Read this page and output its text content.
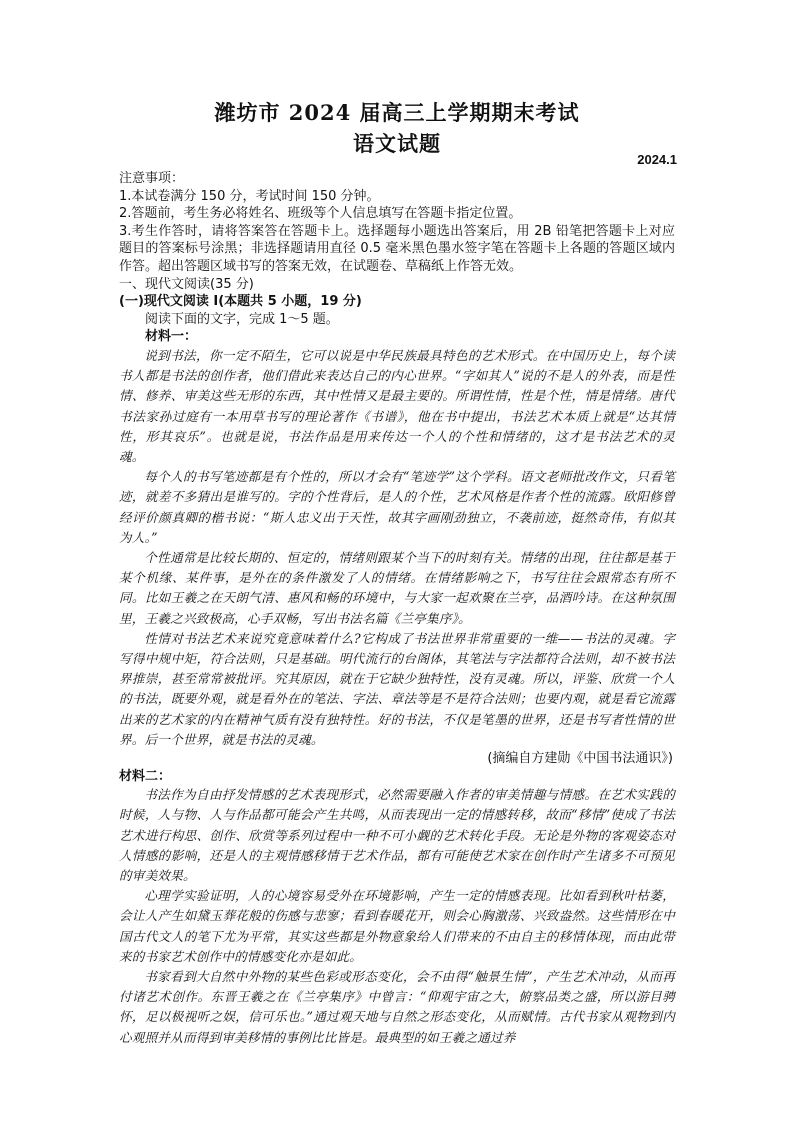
潍坊市 2024 届高三上学期期末考试
语文试题
2024.1

注意事项：

1.本试卷满分 150 分，考试时间 150 分钟。

2.答题前，考生务必将姓名、班级等个人信息填写在答题卡指定位置。

3.考生作答时，请将答案答在答题卡上。选择题每小题选出答案后，用 2B 铅笔把答题卡上对应题目的答案标号涂黑；非选择题请用直径 0.5 毫米黑色墨水签字笔在答题卡上各题的答题区域内作答。超出答题区域书写的答案无效，在试题卷、草稿纸上作答无效。

一、现代文阅读(35 分)

(一)现代文阅读 I(本题共 5 小题，19 分)

阅读下面的文字，完成 1～5 题。

材料一：

说到书法，你一定不陌生，它可以说是中华民族最具特色的艺术形式。在中国历史上，每个读书人都是书法的创作者，他们借此来表达自己的内心世界。“字如其人”说的不是人的外表，而是性情、修养、审美这些无形的东西，其中性情又是最主要的。所谓性情，性是个性，情是情绪。唐代书法家孙过庭有一本用草书写的理论著作《书谱》，他在书中提出，书法艺术本质上就是“达其情性，形其哀乐”。也就是说，书法作品是用来传达一个人的个性和情绪的，这才是书法艺术的灵魂。

每个人的书写笔迹都是有个性的，所以才会有“笔迹学”这个学科。语文老师批改作文，只看笔迹，就差不多猜出是谁写的。字的个性背后，是人的个性，艺术风格是作者个性的流露。欧阳修曾经评价颜真卿的楷书说：“斯人忠义出于天性，故其字画刚劲独立，不袭前迹，挺然奇伟，有似其为人。”

个性通常是比较长期的、恒定的，情绪则跟某个当下的时刻有关。情绪的出现，往往都是基于某个机缘、某件事，是外在的条件激发了人的情绪。在情绪影响之下，书写往往会跟常态有所不同。比如王羲之在天朗气清、惠风和畅的环境中，与大家一起欢聚在兰亭，品酒吟诗。在这种氛围里，王羲之兴致极高，心手双畅，写出书法名篇《兰亭集序》。

性情对书法艺术来说究竟意味着什么?它构成了书法世界非常重要的一维——书法的灵魂。字写得中规中矩，符合法则，只是基础。明代流行的台阁体，其笔法与字法都符合法则，却不被书法界推崇，甚至常常被批评。究其原因，就在于它缺少独特性，没有灵魂。所以，评鉴、欣赏一个人的书法，既要外观，就是看外在的笔法、字法、章法等是不是符合法则；也要内观，就是看它流露出来的艺术家的内在精神气质有没有独特性。好的书法，不仅是笔墨的世界，还是书写者性情的世界。后一个世界，就是书法的灵魂。

(摘编自方建勋《中国书法通识》)

材料二：

书法作为自由抒发情感的艺术表现形式，必然需要融入作者的审美情趣与情感。在艺术实践的时候，人与物、人与作品都可能会产生共鸣，从而表现出一定的情感转移，故而“移情”使成了书法艺术进行构思、创作、欣赏等系列过程中一种不可小觑的艺术转化手段。无论是外物的客观姿态对人情感的影响，还是人的主观情感移情于艺术作品，都有可能使艺术家在创作时产生诸多不可预见的审美效果。

心理学实验证明，人的心境容易受外在环境影响，产生一定的情感表现。比如看到秋叶枯萎，会让人产生如黛玉葬花般的伤感与悲寥；看到春暖花开，则会心胸激荡、兴致盎然。这些情形在中国古代文人的笔下尤为平常，其实这些都是外物意象给人们带来的不由自主的移情体现，而由此带来的书家艺术创作中的情感变化亦是如此。

书家看到大自然中外物的某些色彩或形态变化，会不由得“触景生情”，产生艺术冲动，从而再付诸艺术创作。东晋王羲之在《兰亭集序》中曾言：“仰观宇宙之大，俯察品类之盛，所以游目骋怀，足以极视听之娱，信可乐也。”通过观天地与自然之形态变化，从而赋情。古代书家从观物到内心观照并从而得到审美移情的事例比比皆是。最典型的如王羲之通过养
